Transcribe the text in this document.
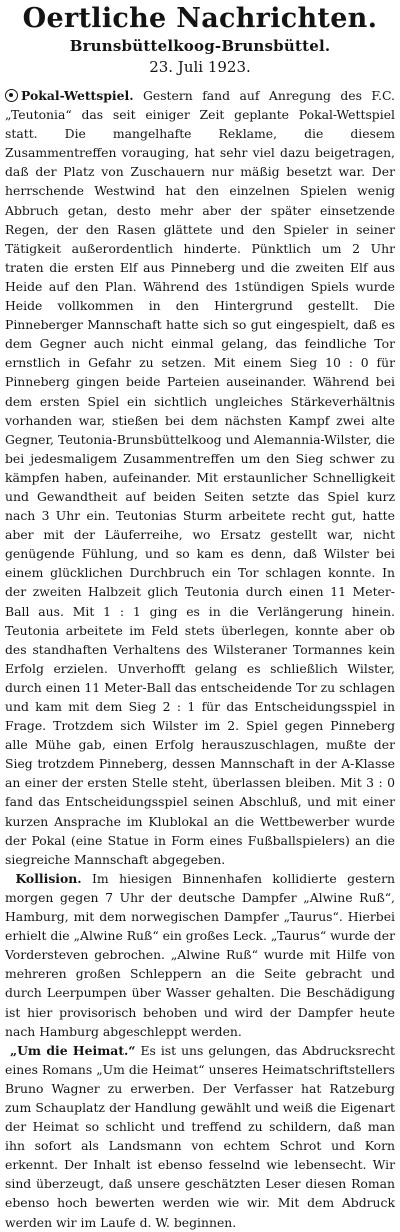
Oertliche Nachrichten.
Brunsbüttelkoog-Brunsbüttel.
23. Juli 1923.

Pokal-Wettspiel. Gestern fand auf Anregung des F.C. „Teutonia“ das seit einiger Zeit geplante Pokal-Wettspiel statt. Die mangelhafte Reklame, die diesem Zusammentreffen vorauging, hat sehr viel dazu beigetragen, daß der Platz von Zuschauern nur mäßig besetzt war. Der herrschende Westwind hat den einzelnen Spielen wenig Abbruch getan, desto mehr aber der später einsetzende Regen, der den Rasen glättete und den Spieler in seiner Tätigkeit außerordentlich hinderte. Pünktlich um 2 Uhr traten die ersten Elf aus Pinneberg und die zweiten Elf aus Heide auf den Plan. Während des 1stündigen Spiels wurde Heide vollkommen in den Hintergrund gestellt. Die Pinneberger Mannschaft hatte sich so gut eingespielt, daß es dem Gegner auch nicht einmal gelang, das feindliche Tor ernstlich in Gefahr zu setzen. Mit einem Sieg 10 : 0 für Pinneberg gingen beide Parteien auseinander. Während bei dem ersten Spiel ein sichtlich ungleiches Stärkeverhältnis vorhanden war, stießen bei dem nächsten Kampf zwei alte Gegner, Teutonia-Brunsbüttelkoog und Alemannia-Wilster, die bei jedesmaligem Zusammentreffen um den Sieg schwer zu kämpfen haben, aufeinander. Mit erstaunlicher Schnelligkeit und Gewandtheit auf beiden Seiten setzte das Spiel kurz nach 3 Uhr ein. Teutonias Sturm arbeitete recht gut, hatte aber mit der Läuferreihe, wo Ersatz gestellt war, nicht genügende Fühlung, und so kam es denn, daß Wilster bei einem glücklichen Durchbruch ein Tor schlagen konnte. In der zweiten Halbzeit glich Teutonia durch einen 11 Meter-Ball aus. Mit 1 : 1 ging es in die Verlängerung hinein. Teutonia arbeitete im Feld stets überlegen, konnte aber ob des standhaften Verhaltens des Wilsteraner Tormannes kein Erfolg erzielen. Unverhofft gelang es schließlich Wilster, durch einen 11 Meter-Ball das entscheidende Tor zu schlagen und kam mit dem Sieg 2 : 1 für das Entscheidungsspiel in Frage. Trotzdem sich Wilster im 2. Spiel gegen Pinneberg alle Mühe gab, einen Erfolg herauszuschlagen, mußte der Sieg trotzdem Pinneberg, dessen Mannschaft in der A-Klasse an einer der ersten Stelle steht, überlassen bleiben. Mit 3 : 0 fand das Entscheidungsspiel seinen Abschluß, und mit einer kurzen Ansprache im Klublokal an die Wettbewerber wurde der Pokal (eine Statue in Form eines Fußballspielers) an die siegreiche Mannschaft abgegeben.

Kollision. Im hiesigen Binnenhafen kollidierte gestern morgen gegen 7 Uhr der deutsche Dampfer „Alwine Ruß“, Hamburg, mit dem norwegischen Dampfer „Taurus“. Hierbei erhielt die „Alwine Ruß“ ein großes Leck. „Taurus“ wurde der Vordersteven gebrochen. „Alwine Ruß“ wurde mit Hilfe von mehreren großen Schleppern an die Seite gebracht und durch Leerpumpen über Wasser gehalten. Die Beschädigung ist hier provisorisch behoben und wird der Dampfer heute nach Hamburg abgeschleppt werden.

„Um die Heimat.“ Es ist uns gelungen, das Abdrucksrecht eines Romans „Um die Heimat“ unseres Heimatschriftstellers Bruno Wagner zu erwerben. Der Verfasser hat Ratzeburg zum Schauplatz der Handlung gewählt und weiß die Eigenart der Heimat so schlicht und treffend zu schildern, daß man ihn sofort als Landsmann von echtem Schrot und Korn erkennt. Der Inhalt ist ebenso fesselnd wie lebensecht. Wir sind überzeugt, daß unsere geschätzten Leser diesen Roman ebenso hoch bewerten werden wie wir. Mit dem Abdruck werden wir im Laufe d. W. beginnen.
